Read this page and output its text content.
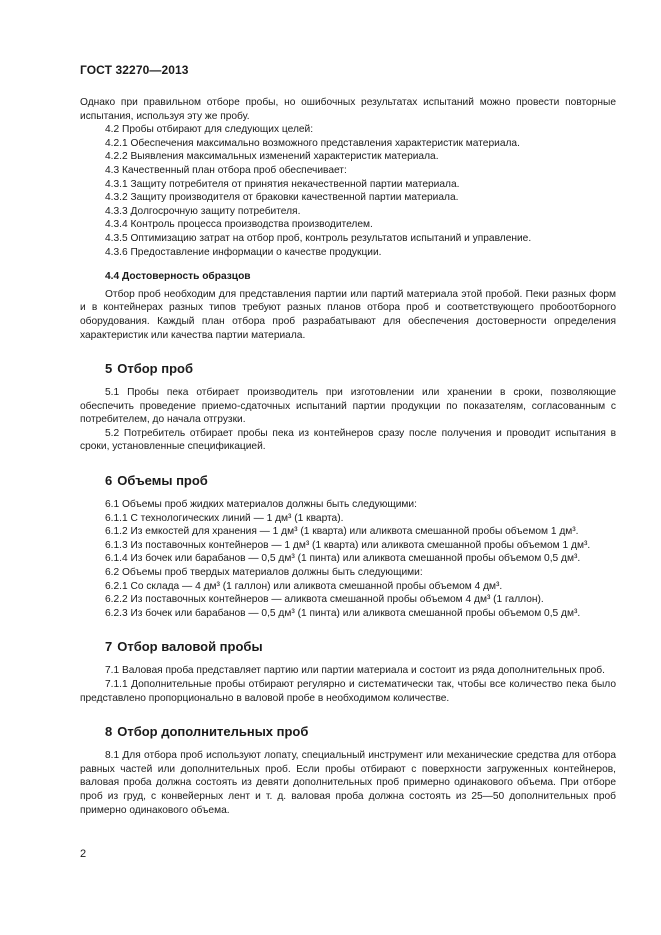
ГОСТ 32270—2013

Однако при правильном отборе пробы, но ошибочных результатах испытаний можно провести повторные испытания, используя эту же пробу.

4.2 Пробы отбирают для следующих целей:

4.2.1 Обеспечения максимально возможного представления характеристик материала.

4.2.2 Выявления максимальных изменений характеристик материала.

4.3 Качественный план отбора проб обеспечивает:

4.3.1 Защиту потребителя от принятия некачественной партии материала.

4.3.2 Защиту производителя от браковки качественной партии материала.

4.3.3 Долгосрочную защиту потребителя.

4.3.4 Контроль процесса производства производителем.

4.3.5 Оптимизацию затрат на отбор проб, контроль результатов испытаний и управление.

4.3.6 Предоставление информации о качестве продукции.

4.4 Достоверность образцов

Отбор проб необходим для представления партии или партий материала этой пробой. Пеки разных форм и в контейнерах разных типов требуют разных планов отбора проб и соответствующего пробоотборного оборудования. Каждый план отбора проб разрабатывают для обеспечения достоверности определения характеристик или качества партии материала.

5 Отбор проб

5.1 Пробы пека отбирает производитель при изготовлении или хранении в сроки, позволяющие обеспечить проведение приемо-сдаточных испытаний партии продукции по показателям, согласованным с потребителем, до начала отгрузки.

5.2 Потребитель отбирает пробы пека из контейнеров сразу после получения и проводит испытания в сроки, установленные спецификацией.

6 Объемы проб

6.1 Объемы проб жидких материалов должны быть следующими:

6.1.1 С технологических линий — 1 дм³ (1 кварта).

6.1.2 Из емкостей для хранения — 1 дм³ (1 кварта) или аликвота смешанной пробы объемом 1 дм³.

6.1.3 Из поставочных контейнеров — 1 дм³ (1 кварта) или аликвота смешанной пробы объемом 1 дм³.

6.1.4 Из бочек или барабанов — 0,5 дм³ (1 пинта) или аликвота смешанной пробы объемом 0,5 дм³.

6.2 Объемы проб твердых материалов должны быть следующими:

6.2.1 Со склада — 4 дм³ (1 галлон) или аликвота смешанной пробы объемом 4 дм³.

6.2.2 Из поставочных контейнеров — аликвота смешанной пробы объемом 4 дм³ (1 галлон).

6.2.3 Из бочек или барабанов — 0,5 дм³ (1 пинта) или аликвота смешанной пробы объемом 0,5 дм³.

7 Отбор валовой пробы

7.1 Валовая проба представляет партию или партии материала и состоит из ряда дополнительных проб.

7.1.1 Дополнительные пробы отбирают регулярно и систематически так, чтобы все количество пека было представлено пропорционально в валовой пробе в необходимом количестве.

8 Отбор дополнительных проб

8.1 Для отбора проб используют лопату, специальный инструмент или механические средства для отбора равных частей или дополнительных проб. Если пробы отбирают с поверхности загруженных контейнеров, валовая проба должна состоять из девяти дополнительных проб примерно одинакового объема. При отборе проб из груд, с конвейерных лент и т. д. валовая проба должна состоять из 25—50 дополнительных проб примерно одинакового объема.

2
